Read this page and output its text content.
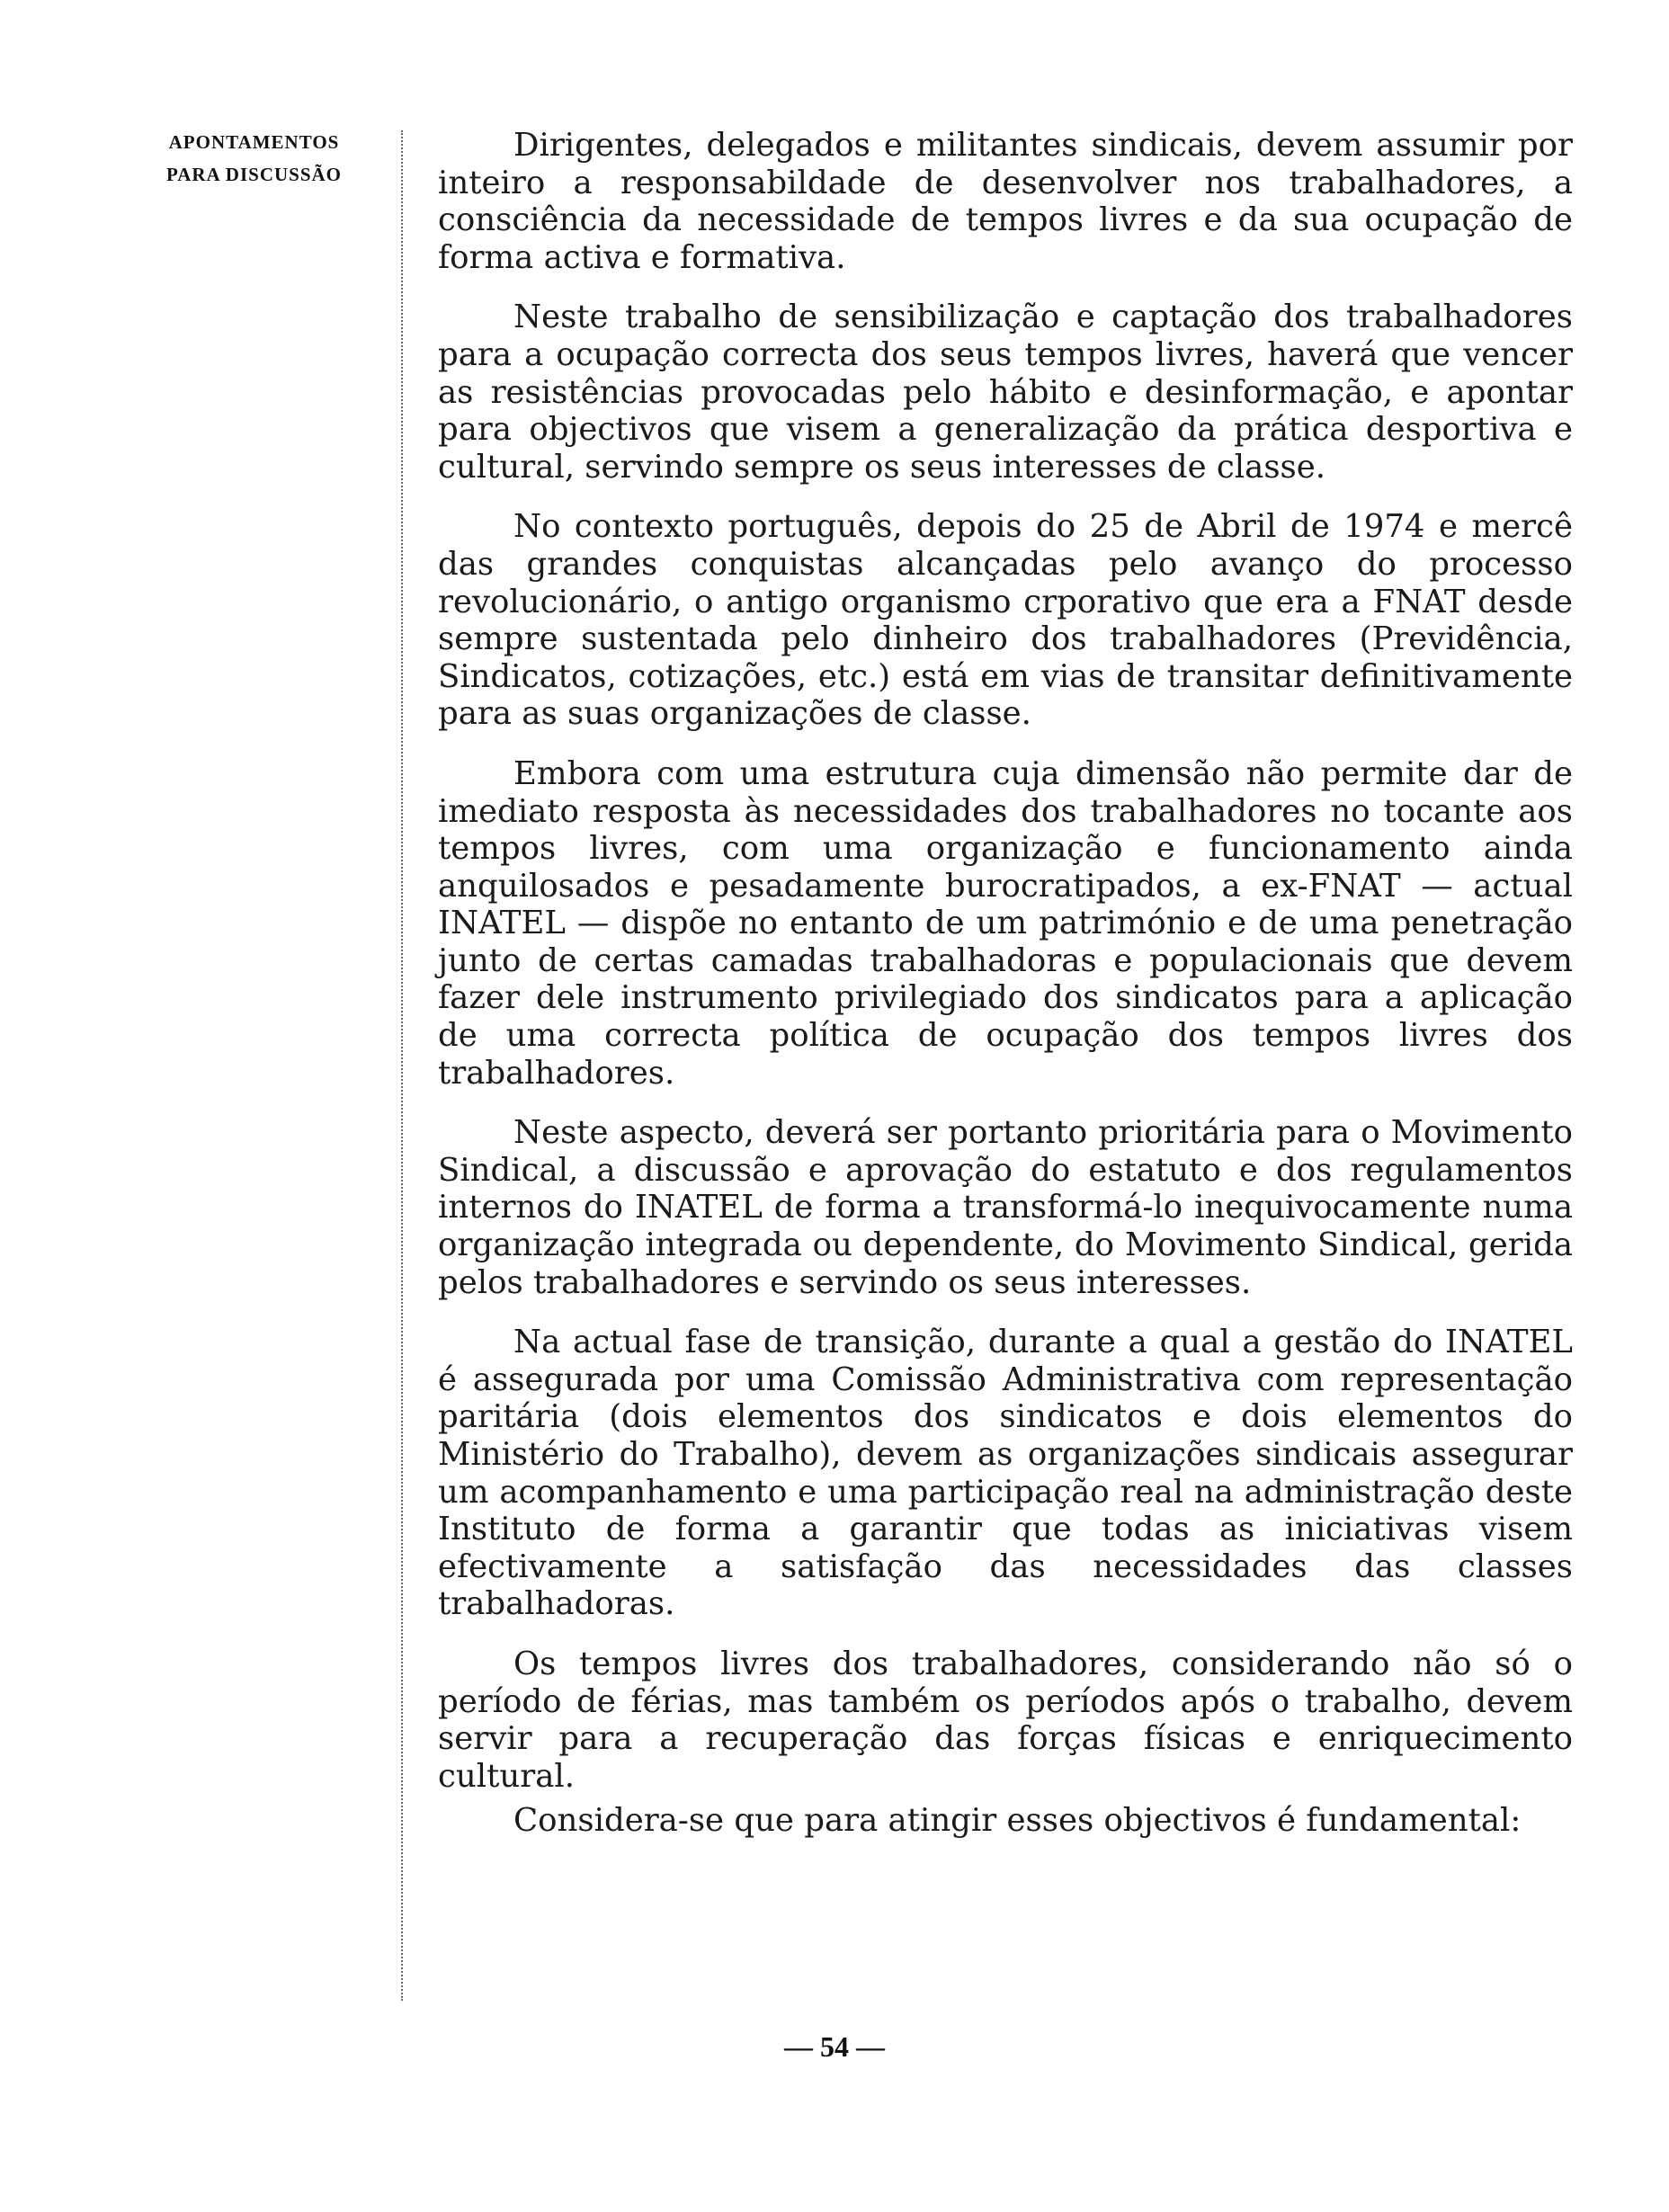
APONTAMENTOS
PARA DISCUSSÃO

Dirigentes, delegados e militantes sindicais, devem assumir por inteiro a responsabildade de desenvolver nos trabalhadores, a consciência da necessidade de tempos livres e da sua ocupação de forma activa e formativa.

Neste trabalho de sensibilização e captação dos trabalhadores para a ocupação correcta dos seus tempos livres, haverá que vencer as resistências provocadas pelo hábito e desinformação, e apontar para objectivos que visem a generalização da prática desportiva e cultural, servindo sempre os seus interesses de classe.

No contexto português, depois do 25 de Abril de 1974 e mercê das grandes conquistas alcançadas pelo avanço do processo revolucionário, o antigo organismo crporativo que era a FNAT desde sempre sustentada pelo dinheiro dos trabalhadores (Previdência, Sindicatos, cotizações, etc.) está em vias de transitar definitivamente para as suas organizações de classe.

Embora com uma estrutura cuja dimensão não permite dar de imediato resposta às necessidades dos trabalhadores no tocante aos tempos livres, com uma organização e funcionamento ainda anquilosados e pesadamente burocratipados, a ex-FNAT — actual INATEL — dispõe no entanto de um património e de uma penetração junto de certas camadas trabalhadoras e populacionais que devem fazer dele instrumento privilegiado dos sindicatos para a aplicação de uma correcta política de ocupação dos tempos livres dos trabalhadores.

Neste aspecto, deverá ser portanto prioritária para o Movimento Sindical, a discussão e aprovação do estatuto e dos regulamentos internos do INATEL de forma a transformá-lo inequivocamente numa organização integrada ou dependente, do Movimento Sindical, gerida pelos trabalhadores e servindo os seus interesses.

Na actual fase de transição, durante a qual a gestão do INATEL é assegurada por uma Comissão Administrativa com representação paritária (dois elementos dos sindicatos e dois elementos do Ministério do Trabalho), devem as organizações sindicais assegurar um acompanhamento e uma participação real na administração deste Instituto de forma a garantir que todas as iniciativas visem efectivamente a satisfação das necessidades das classes trabalhadoras.

Os tempos livres dos trabalhadores, considerando não só o período de férias, mas também os períodos após o trabalho, devem servir para a recuperação das forças físicas e enriquecimento cultural.

Considera-se que para atingir esses objectivos é fundamental:

— 54 —
